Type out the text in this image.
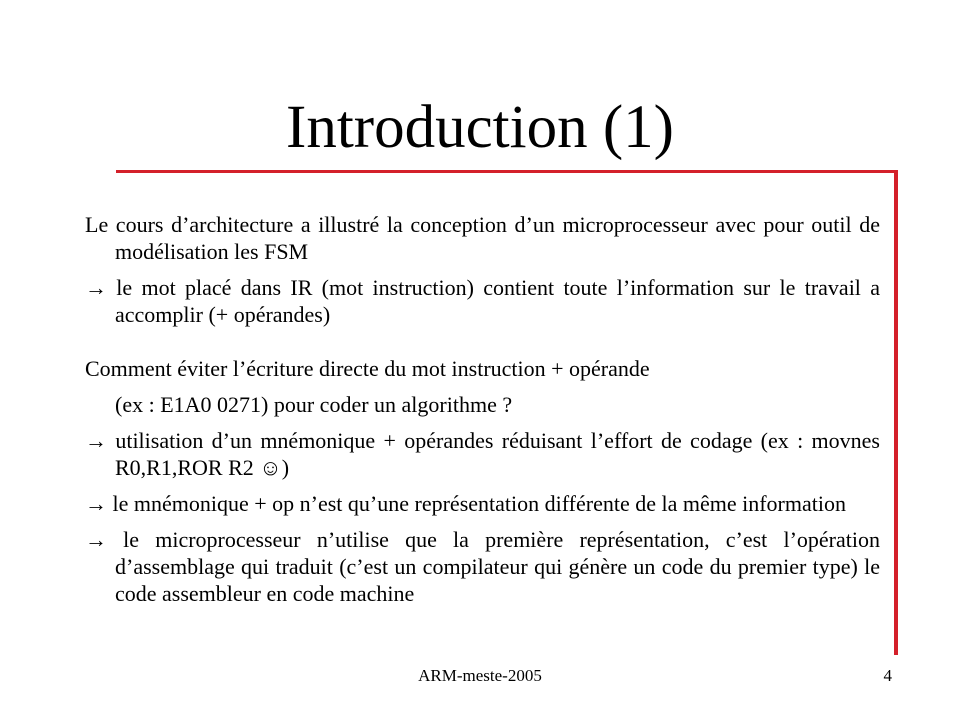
Introduction (1)

Le cours d’architecture a illustré la conception d’un microprocesseur avec pour outil de modélisation les FSM

→ le mot placé dans IR (mot instruction) contient toute l’information sur le travail a accomplir (+ opérandes)

Comment éviter l’écriture directe du mot instruction + opérande

(ex : E1A0 0271) pour coder un algorithme ?

→ utilisation d’un mnémonique + opérandes réduisant l’effort de codage (ex : movnes R0,R1,ROR R2 ☺)

→ le mnémonique + op n’est qu’une représentation différente de la même information

→ le microprocesseur n’utilise que la première représentation, c’est l’opération d’assemblage qui traduit (c’est un compilateur qui génère un code du premier type) le code assembleur en code machine

ARM-meste-2005	4
